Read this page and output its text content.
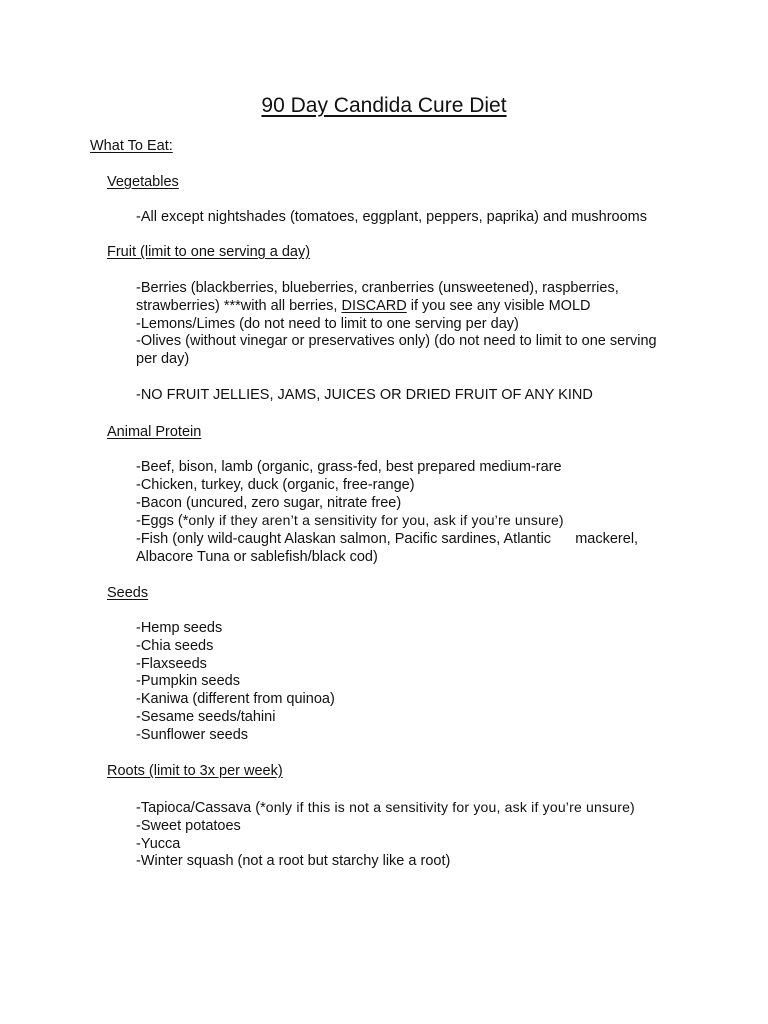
90 Day Candida Cure Diet
What To Eat:
Vegetables
-All except nightshades (tomatoes, eggplant, peppers, paprika) and mushrooms
Fruit (limit to one serving a day)
-Berries (blackberries, blueberries, cranberries (unsweetened), raspberries,
strawberries) ***with all berries, DISCARD if you see any visible MOLD
-Lemons/Limes (do not need to limit to one serving per day)
-Olives (without vinegar or preservatives only) (do not need to limit to one serving
per day)
-NO FRUIT JELLIES, JAMS, JUICES OR DRIED FRUIT OF ANY KIND
Animal Protein
-Beef, bison, lamb (organic, grass-fed, best prepared medium-rare
-Chicken, turkey, duck (organic, free-range)
-Bacon (uncured, zero sugar, nitrate free)
-Eggs (*only if they aren’t a sensitivity for you, ask if you’re unsure)
-Fish (only wild-caught Alaskan salmon, Pacific sardines, Atlantic      mackerel,
Albacore Tuna or sablefish/black cod)
Seeds
-Hemp seeds
-Chia seeds
-Flaxseeds
-Pumpkin seeds
-Kaniwa (different from quinoa)
-Sesame seeds/tahini
-Sunflower seeds
Roots (limit to 3x per week)
-Tapioca/Cassava (*only if this is not a sensitivity for you, ask if you’re unsure)
-Sweet potatoes
-Yucca
-Winter squash (not a root but starchy like a root)
